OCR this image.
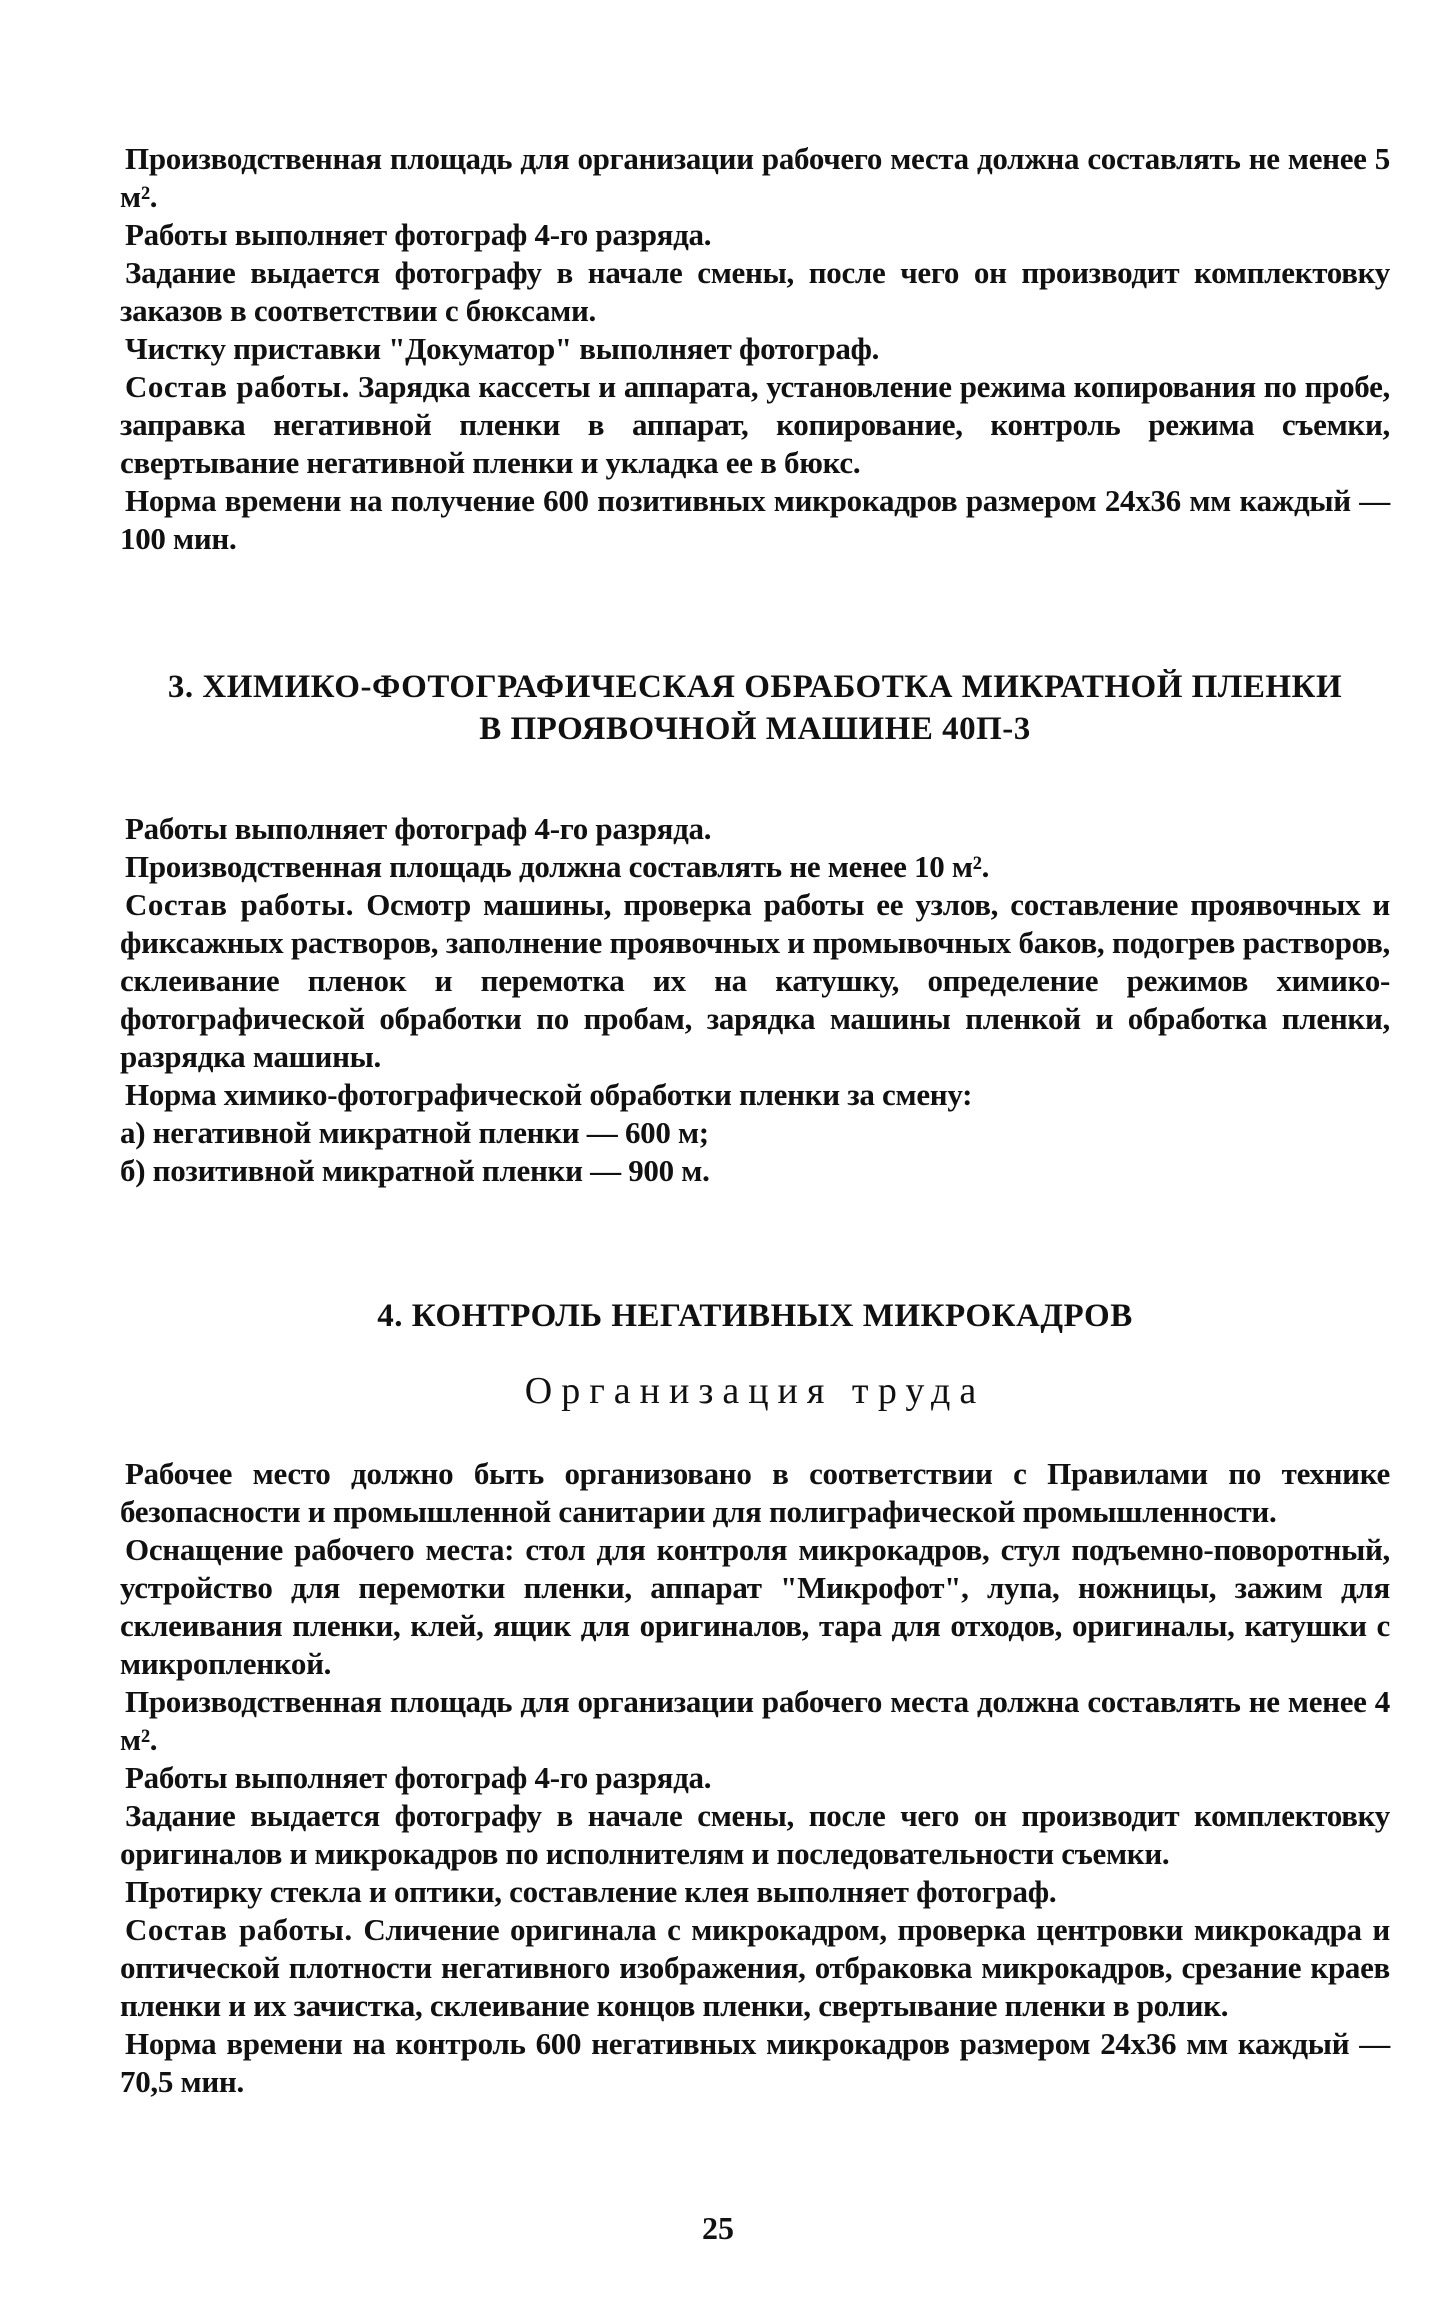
Производственная площадь для организации рабочего места должна составлять не менее 5 м².

Работы выполняет фотограф 4-го разряда.

Задание выдается фотографу в начале смены, после чего он производит комплектовку заказов в соответствии с бюксами.

Чистку приставки "Докуматор" выполняет фотограф.

Состав работы. Зарядка кассеты и аппарата, установление режима копирования по пробе, заправка негативной пленки в аппарат, копирование, контроль режима съемки, свертывание негативной пленки и укладка ее в бюкс.

Норма времени на получение 600 позитивных микрокадров размером 24х36 мм каждый — 100 мин.

3. ХИМИКО-ФОТОГРАФИЧЕСКАЯ ОБРАБОТКА МИКРАТНОЙ ПЛЕНКИ

В ПРОЯВОЧНОЙ МАШИНЕ 40П-3

Работы выполняет фотограф 4-го разряда.

Производственная площадь должна составлять не менее 10 м².

Состав работы. Осмотр машины, проверка работы ее узлов, составление проявочных и фиксажных растворов, заполнение проявочных и промывочных баков, подогрев растворов, склеивание пленок и перемотка их на катушку, определение режимов химико-фотографической обработки по пробам, зарядка машины пленкой и обработка пленки, разрядка машины.

Норма химико-фотографической обработки пленки за смену:

а) негативной микратной пленки — 600 м;

б) позитивной микратной пленки — 900 м.

4. КОНТРОЛЬ НЕГАТИВНЫХ МИКРОКАДРОВ

Организация труда

Рабочее место должно быть организовано в соответствии с Правилами по технике безопасности и промышленной санитарии для полиграфической промышленности.

Оснащение рабочего места: стол для контроля микрокадров, стул подъемно-поворотный, устройство для перемотки пленки, аппарат "Микрофот", лупа, ножницы, зажим для склеивания пленки, клей, ящик для оригиналов, тара для отходов, оригиналы, катушки с микропленкой.

Производственная площадь для организации рабочего места должна составлять не менее 4 м².

Работы выполняет фотограф 4-го разряда.

Задание выдается фотографу в начале смены, после чего он производит комплектовку оригиналов и микрокадров по исполнителям и последовательности съемки.

Протирку стекла и оптики, составление клея выполняет фотограф.

Состав работы. Сличение оригинала с микрокадром, проверка центровки микрокадра и оптической плотности негативного изображения, отбраковка микрокадров, срезание краев пленки и их зачистка, склеивание концов пленки, свертывание пленки в ролик.

Норма времени на контроль 600 негативных микрокадров размером 24х36 мм каждый — 70,5 мин.

25
